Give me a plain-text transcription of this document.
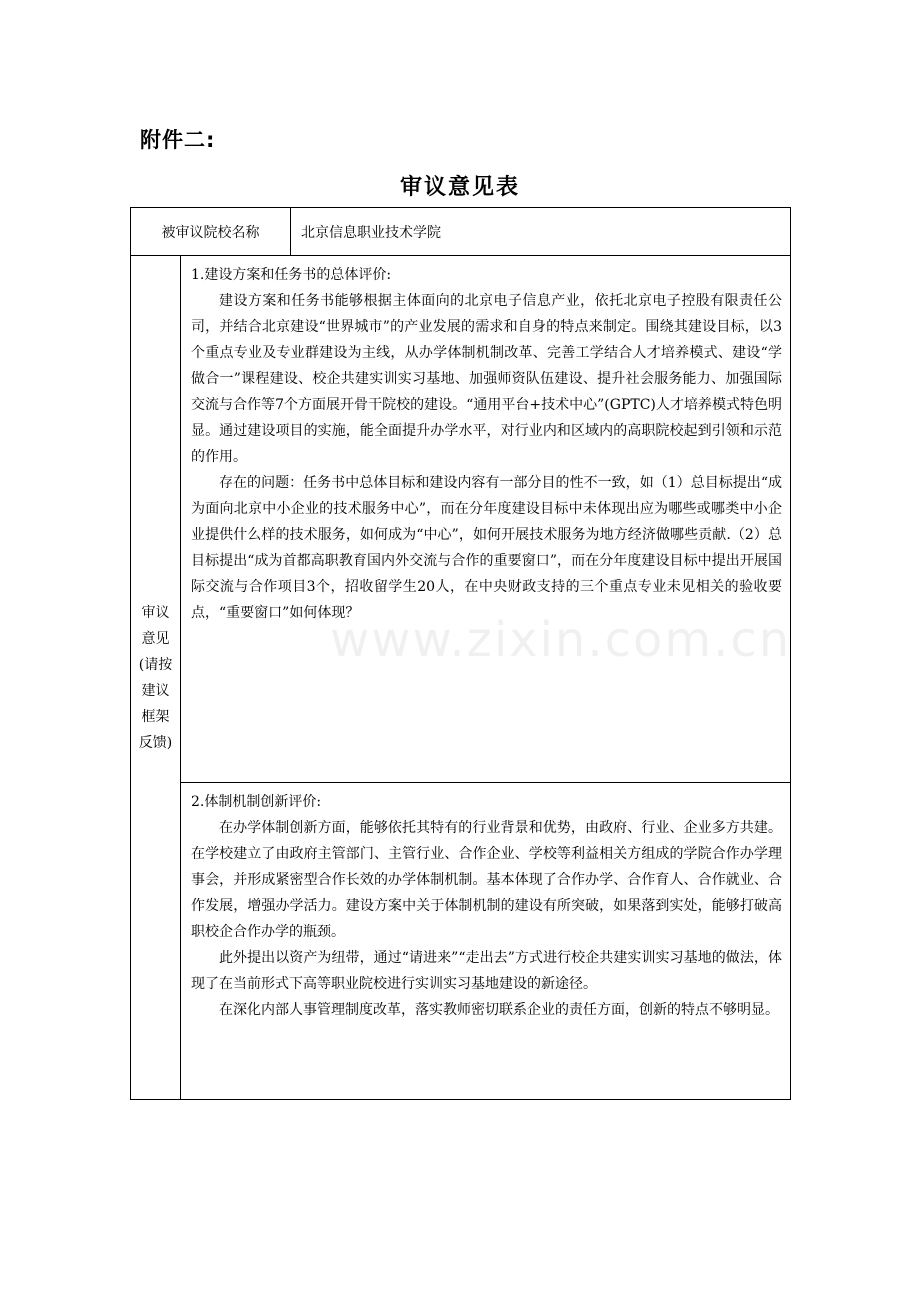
附件二:
审议意见表
被审议院校名称		北京信息职业技术学院

审议意见(请按建议框架反馈)	1.建设方案和任务书的总体评价:

建设方案和任务书能够根据主体面向的北京电子信息产业，依托北京电子控股有限责任公司，并结合北京建设“世界城市”的产业发展的需求和自身的特点来制定。围绕其建设目标，以3个重点专业及专业群建设为主线，从办学体制机制改革、完善工学结合人才培养模式、建设“学做合一”课程建设、校企共建实训实习基地、加强师资队伍建设、提升社会服务能力、加强国际交流与合作等7个方面展开骨干院校的建设。“通用平台+技术中心”(GPTC)人才培养模式特色明显。通过建设项目的实施，能全面提升办学水平，对行业内和区域内的高职院校起到引领和示范的作用。

存在的问题：任务书中总体目标和建设内容有一部分目的性不一致，如（1）总目标提出“成为面向北京中小企业的技术服务中心”，而在分年度建设目标中未体现出应为哪些或哪类中小企业提供什么样的技术服务，如何成为“中心”，如何开展技术服务为地方经济做哪些贡献.（2）总目标提出“成为首都高职教育国内外交流与合作的重要窗口”，而在分年度建设目标中提出开展国际交流与合作项目3个，招收留学生20人，在中央财政支持的三个重点专业未见相关的验收要点，“重要窗口”如何体现？	

	2.体制机制创新评价:

在办学体制创新方面，能够依托其特有的行业背景和优势，由政府、行业、企业多方共建。在学校建立了由政府主管部门、主管行业、合作企业、学校等利益相关方组成的学院合作办学理事会，并形成紧密型合作长效的办学体制机制。基本体现了合作办学、合作育人、合作就业、合作发展，增强办学活力。建设方案中关于体制机制的建设有所突破，如果落到实处，能够打破高职校企合作办学的瓶颈。

此外提出以资产为纽带，通过“请进来”“走出去”方式进行校企共建实训实习基地的做法，体现了在当前形式下高等职业院校进行实训实习基地建设的新途径。

在深化内部人事管理制度改革，落实教师密切联系企业的责任方面，创新的特点不够明显。	

www.zixin.com.cn
